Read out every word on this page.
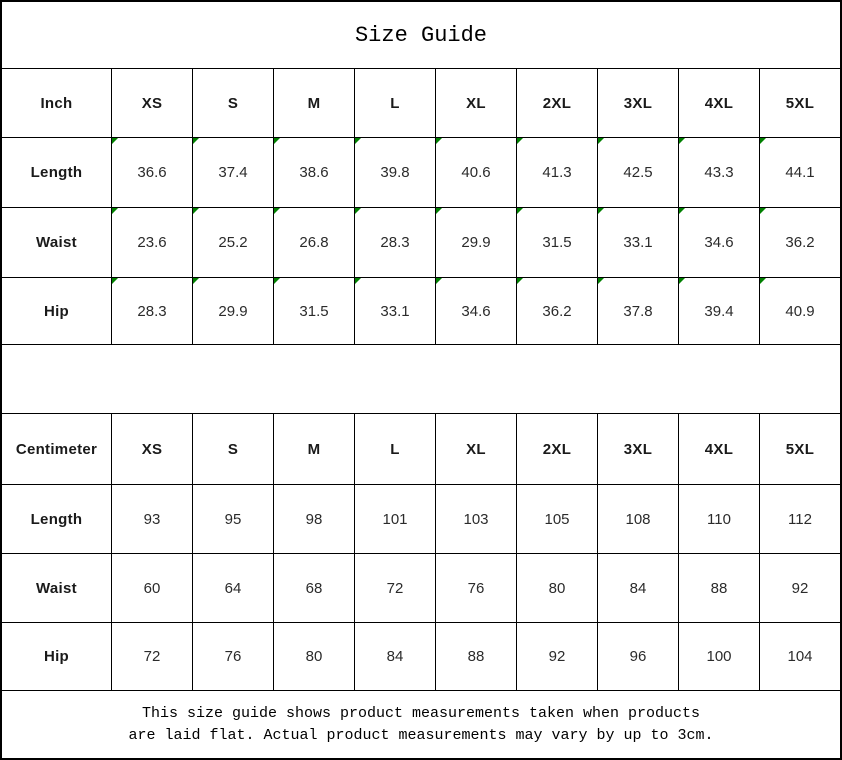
Size Guide
Inch	XS	S	M	L	XL	2XL	3XL	4XL	5XL
Length	36.6	37.4	38.6	39.8	40.6	41.3	42.5	43.3	44.1
Waist	23.6	25.2	26.8	28.3	29.9	31.5	33.1	34.6	36.2
Hip	28.3	29.9	31.5	33.1	34.6	36.2	37.8	39.4	40.9
Centimeter	XS	S	M	L	XL	2XL	3XL	4XL	5XL
Length	93	95	98	101	103	105	108	110	112
Waist	60	64	68	72	76	80	84	88	92
Hip	72	76	80	84	88	92	96	100	104
This size guide shows product measurements taken when products
are laid flat. Actual product measurements may vary by up to 3cm.
